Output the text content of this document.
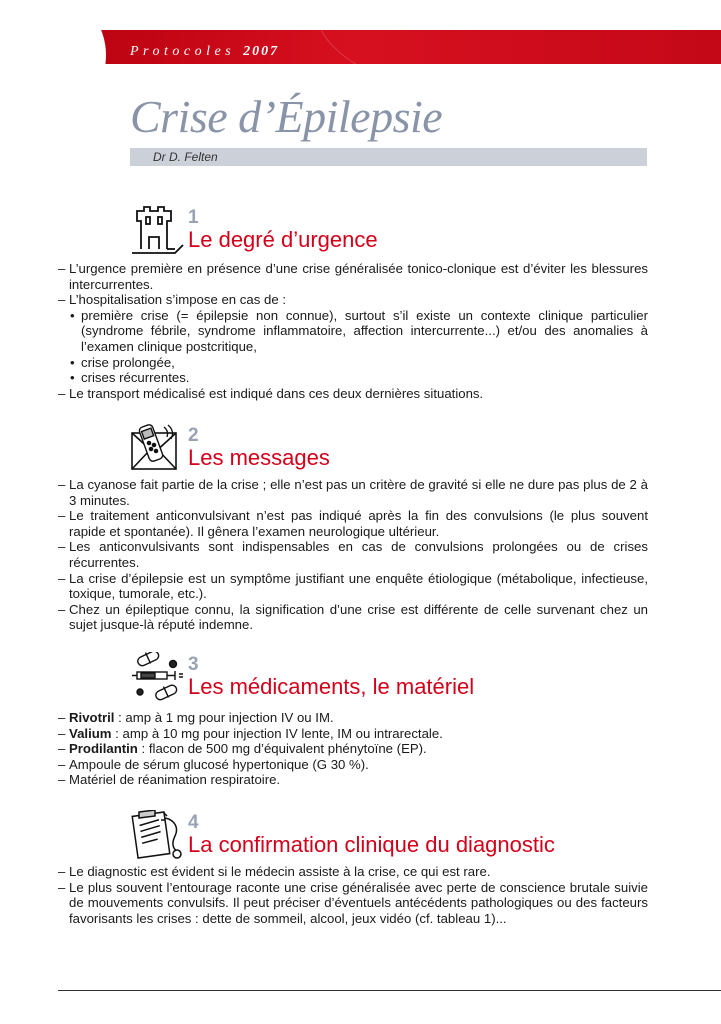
Protocoles 2007
Crise d’Épilepsie
Dr D. Felten
1
Le degré d’urgence
– L’urgence première en présence d’une crise généralisée tonico-clonique est d’éviter les blessures intercurrentes.
– L’hospitalisation s’impose en cas de :
• première crise (= épilepsie non connue), surtout s’il existe un contexte clinique particulier (syndrome fébrile, syndrome inflammatoire, affection intercurrente...) et/ou des anomalies à l’examen clinique postcritique,
• crise prolongée,
• crises récurrentes.
– Le transport médicalisé est indiqué dans ces deux dernières situations.
2
Les messages
– La cyanose fait partie de la crise ; elle n’est pas un critère de gravité si elle ne dure pas plus de 2 à 3 minutes.
– Le traitement anticonvulsivant n’est pas indiqué après la fin des convulsions (le plus souvent rapide et spontanée). Il gênera l’examen neurologique ultérieur.
– Les anticonvulsivants sont indispensables en cas de convulsions prolongées ou de crises récurrentes.
– La crise d’épilepsie est un symptôme justifiant une enquête étiologique (métabolique, infectieuse, toxique, tumorale, etc.).
– Chez un épileptique connu, la signification d’une crise est différente de celle survenant chez un sujet jusque-là réputé indemne.
3
Les médicaments, le matériel
– Rivotril : amp à 1 mg pour injection IV ou IM.
– Valium : amp à 10 mg pour injection IV lente, IM ou intrarectale.
– Prodilantin : flacon de 500 mg d’équivalent phénytoïne (EP).
– Ampoule de sérum glucosé hypertonique (G 30 %).
– Matériel de réanimation respiratoire.
4
La confirmation clinique du diagnostic
– Le diagnostic est évident si le médecin assiste à la crise, ce qui est rare.
– Le plus souvent l’entourage raconte une crise généralisée avec perte de conscience brutale suivie de mouvements convulsifs. Il peut préciser d’éventuels antécédents pathologiques ou des facteurs favorisants les crises : dette de sommeil, alcool, jeux vidéo (cf. tableau 1)...
